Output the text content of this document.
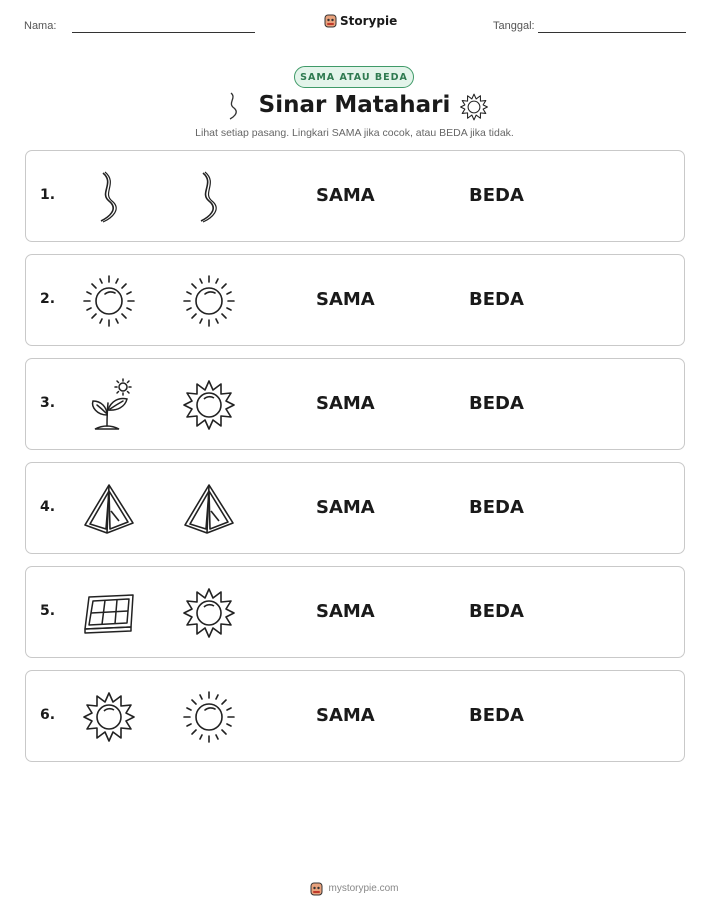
Nama:	Storypie	Tanggal:
SAMA ATAU BEDA
Sinar Matahari
Lihat setiap pasang. Lingkari SAMA jika cocok, atau BEDA jika tidak.
1.	SAMA	BEDA
2.	SAMA	BEDA
3.	SAMA	BEDA
4.	SAMA	BEDA
5.	SAMA	BEDA
6.	SAMA	BEDA
mystorypie.com
